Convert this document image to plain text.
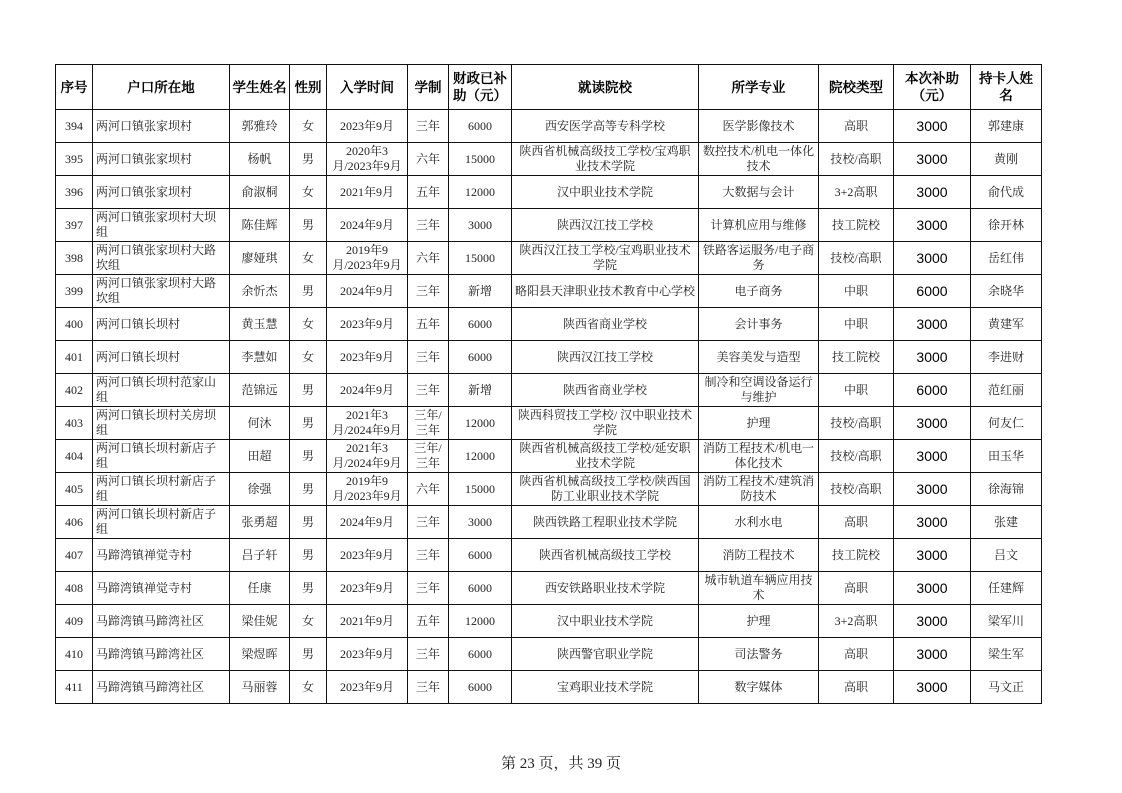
序号	户口所在地	学生姓名	性别	入学时间	学制	财政已补助（元）	就读院校	所学专业	院校类型	本次补助（元）	持卡人姓名
394	两河口镇张家坝村	郭雅玲	女	2023年9月	三年	6000	西安医学高等专科学校	医学影像技术	高职	3000	郭建康
395	两河口镇张家坝村	杨帆	男	2020年3月/2023年9月	六年	15000	陕西省机械高级技工学校/宝鸡职业技术学院	数控技术/机电一体化技术	技校/高职	3000	黄刚
396	两河口镇张家坝村	俞淑桐	女	2021年9月	五年	12000	汉中职业技术学院	大数据与会计	3+2高职	3000	俞代成
397	两河口镇张家坝村大坝组	陈佳辉	男	2024年9月	三年	3000	陕西汉江技工学校	计算机应用与维修	技工院校	3000	徐开林
398	两河口镇张家坝村大路坎组	廖娅琪	女	2019年9月/2023年9月	六年	15000	陕西汉江技工学校/宝鸡职业技术学院	铁路客运服务/电子商务	技校/高职	3000	岳红伟
399	两河口镇张家坝村大路坎组	余忻杰	男	2024年9月	三年	新增	略阳县天津职业技术教育中心学校	电子商务	中职	6000	余晓华
400	两河口镇长坝村	黄玉慧	女	2023年9月	五年	6000	陕西省商业学校	会计事务	中职	3000	黄建军
401	两河口镇长坝村	李慧如	女	2023年9月	三年	6000	陕西汉江技工学校	美容美发与造型	技工院校	3000	李进财
402	两河口镇长坝村范家山组	范锦远	男	2024年9月	三年	新增	陕西省商业学校	制冷和空调设备运行与维护	中职	6000	范红丽
403	两河口镇长坝村关房坝组	何沐	男	2021年3月/2024年9月	三年/三年	12000	陕西科贸技工学校/ 汉中职业技术学院	护理	技校/高职	3000	何友仁
404	两河口镇长坝村新店子组	田超	男	2021年3月/2024年9月	三年/三年	12000	陕西省机械高级技工学校/延安职业技术学院	消防工程技术/机电一体化技术	技校/高职	3000	田玉华
405	两河口镇长坝村新店子组	徐强	男	2019年9月/2023年9月	六年	15000	陕西省机械高级技工学校/陕西国防工业职业技术学院	消防工程技术/建筑消防技术	技校/高职	3000	徐海锦
406	两河口镇长坝村新店子组	张勇超	男	2024年9月	三年	3000	陕西铁路工程职业技术学院	水利水电	高职	3000	张建
407	马蹄湾镇禅觉寺村	吕子轩	男	2023年9月	三年	6000	陕西省机械高级技工学校	消防工程技术	技工院校	3000	吕文
408	马蹄湾镇禅觉寺村	任康	男	2023年9月	三年	6000	西安铁路职业技术学院	城市轨道车辆应用技术	高职	3000	任建辉
409	马蹄湾镇马蹄湾社区	梁佳妮	女	2021年9月	五年	12000	汉中职业技术学院	护理	3+2高职	3000	梁军川
410	马蹄湾镇马蹄湾社区	梁煜晖	男	2023年9月	三年	6000	陕西警官职业学院	司法警务	高职	3000	梁生军
411	马蹄湾镇马蹄湾社区	马丽蓉	女	2023年9月	三年	6000	宝鸡职业技术学院	数字媒体	高职	3000	马文正
第 23 页，共 39 页
